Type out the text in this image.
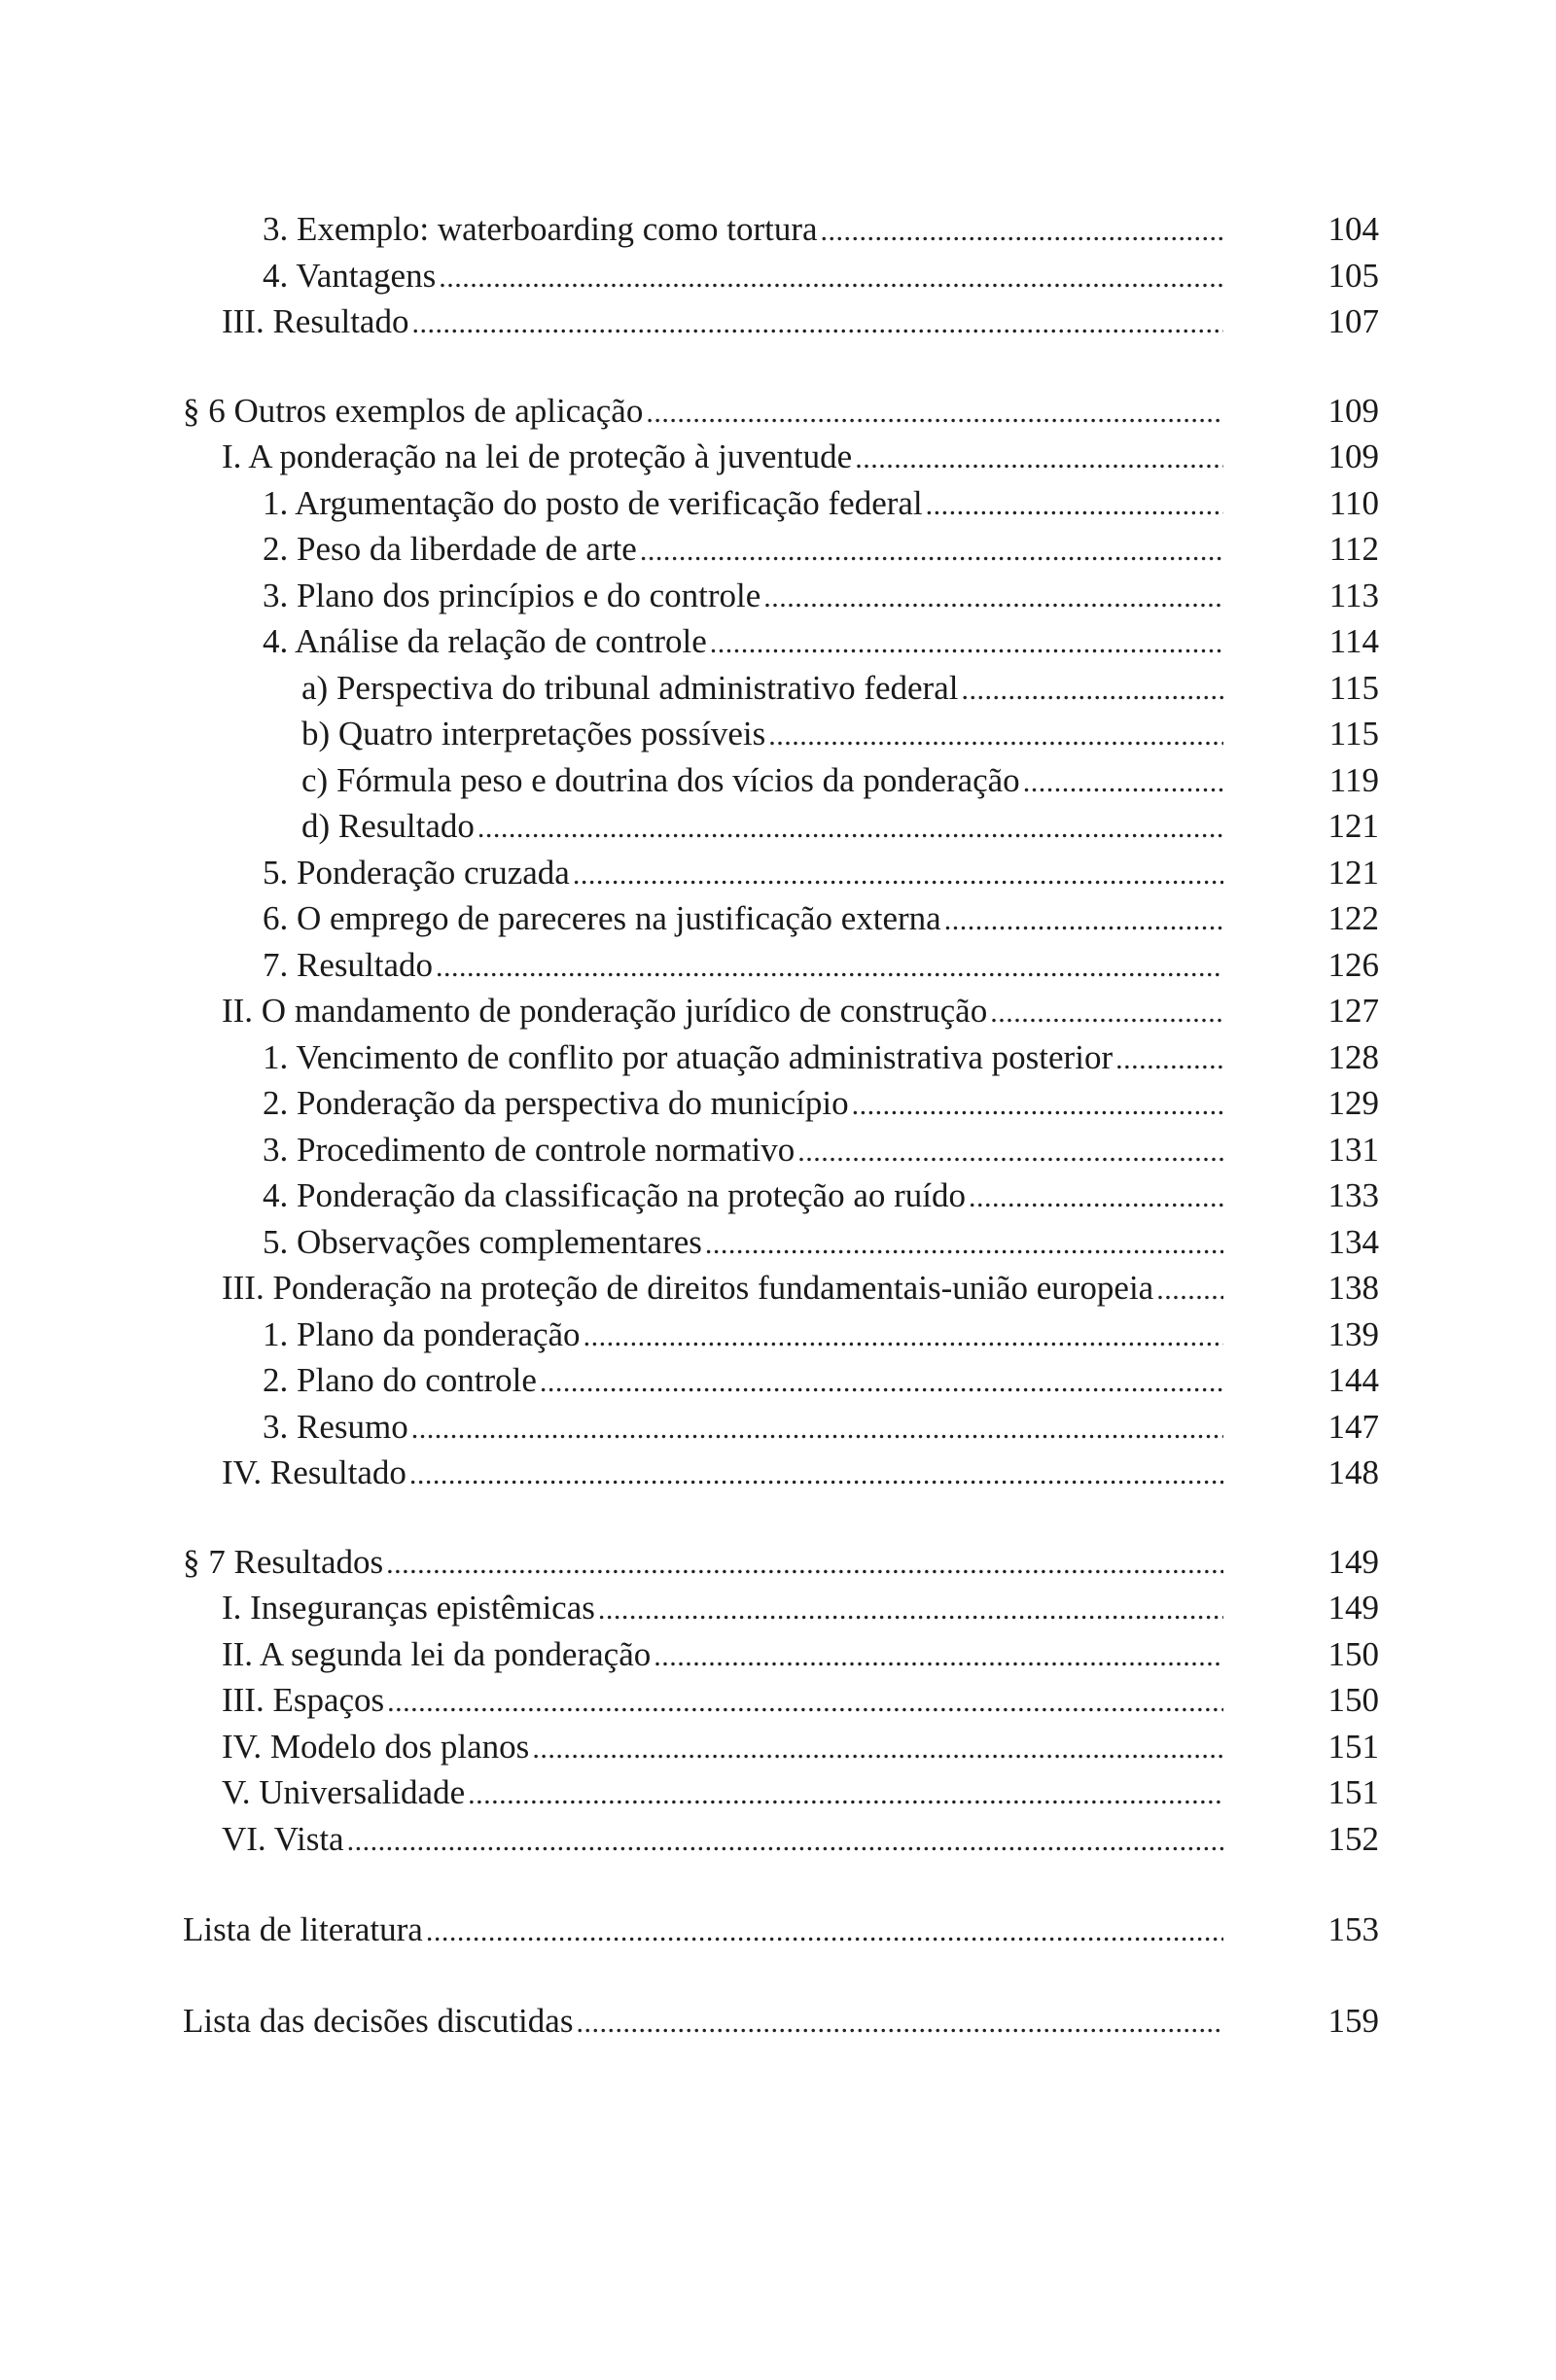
3. Exemplo: waterboarding como tortura .....	104
4. Vantagens .....	105
III. Resultado .....	107
§ 6 Outros exemplos de aplicação .....	109
I. A ponderação na lei de proteção à juventude .....	109
1. Argumentação do posto de verificação federal .....	110
2. Peso da liberdade de arte .....	112
3. Plano dos princípios e do controle .....	113
4. Análise da relação de controle .....	114
a) Perspectiva do tribunal administrativo federal .....	115
b) Quatro interpretações possíveis .....	115
c) Fórmula peso e doutrina dos vícios da ponderação .....	119
d) Resultado .....	121
5. Ponderação cruzada .....	121
6. O emprego de pareceres na justificação externa .....	122
7. Resultado .....	126
II. O mandamento de ponderação jurídico de construção .....	127
1. Vencimento de conflito por atuação administrativa posterior .....	128
2. Ponderação da perspectiva do município .....	129
3. Procedimento de controle normativo .....	131
4. Ponderação da classificação na proteção ao ruído .....	133
5. Observações complementares .....	134
III. Ponderação na proteção de direitos fundamentais-união europeia .....	138
1. Plano da ponderação .....	139
2. Plano do controle .....	144
3. Resumo .....	147
IV. Resultado .....	148
§ 7 Resultados .....	149
I. Inseguranças epistêmicas .....	149
II. A segunda lei da ponderação .....	150
III. Espaços .....	150
IV. Modelo dos planos .....	151
V. Universalidade .....	151
VI. Vista .....	152
Lista de literatura .....	153
Lista das decisões discutidas .....	159
